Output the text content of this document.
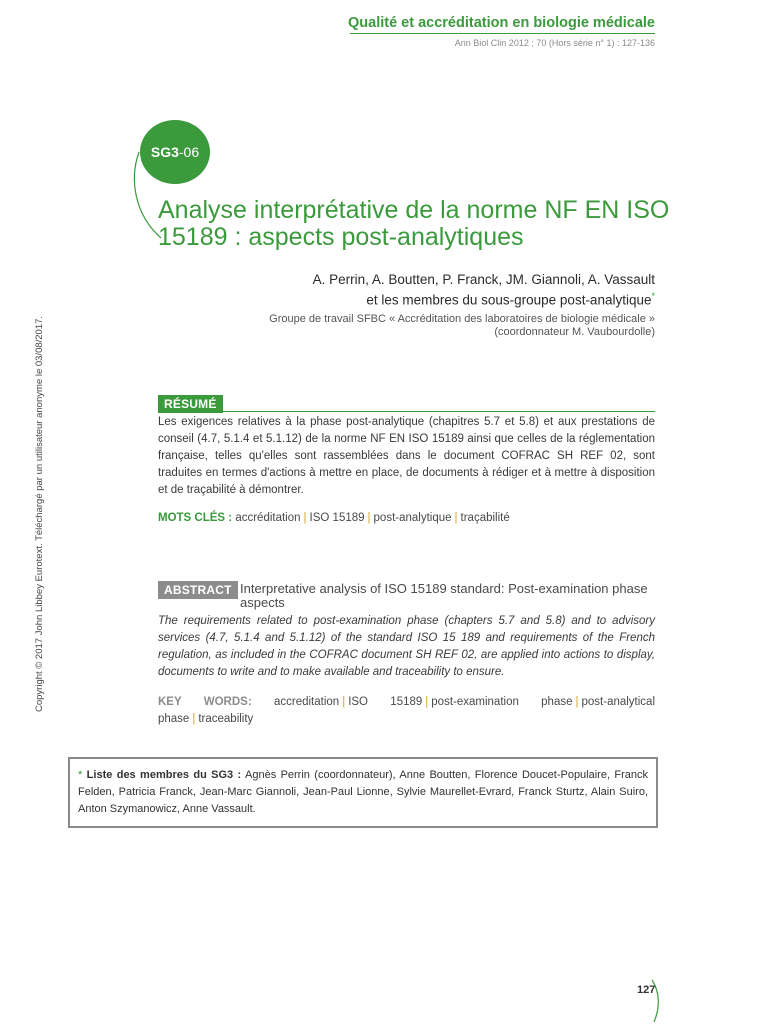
Qualité et accréditation en biologie médicale
Ann Biol Clin 2012 ; 70 (Hors série n° 1) : 127-136
SG3 -06
Analyse interprétative de la norme NF EN ISO 15189 : aspects post-analytiques
A. Perrin, A. Boutten, P. Franck, JM. Giannoli, A. Vassault
et les membres du sous-groupe post-analytique*
Groupe de travail SFBC « Accréditation des laboratoires de biologie médicale »
(coordonnateur M. Vaubourdolle)
RÉSUMÉ
Les exigences relatives à la phase post-analytique (chapitres 5.7 et 5.8) et aux prestations de conseil (4.7, 5.1.4 et 5.1.12) de la norme NF EN ISO 15189 ainsi que celles de la réglementation française, telles qu'elles sont rassemblées dans le document COFRAC SH REF 02, sont traduites en termes d'actions à mettre en place, de documents à rédiger et à mettre à disposition et de traçabilité à démontrer.
MOTS CLÉS : accréditation | ISO 15189 | post-analytique | traçabilité
ABSTRACT Interpretative analysis of ISO 15189 standard: Post-examination phase aspects
The requirements related to post-examination phase (chapters 5.7 and 5.8) and to advisory services (4.7, 5.1.4 and 5.1.12) of the standard ISO 15 189 and requirements of the French regulation, as included in the COFRAC document SH REF 02, are applied into actions to display, documents to write and to make available and traceability to ensure.
KEY WORDS: accreditation | ISO 15189 | post-examination phase | post-analytical phase | traceability
* Liste des membres du SG3 : Agnès Perrin (coordonnateur), Anne Boutten, Florence Doucet-Populaire, Franck Felden, Patricia Franck, Jean-Marc Giannoli, Jean-Paul Lionne, Sylvie Maurellet-Evrard, Franck Sturtz, Alain Suiro, Anton Szymanowicz, Anne Vassault.
Copyright © 2017 John Libbey Eurotext. Téléchargé par un utilisateur anonyme le 03/08/2017.
127
